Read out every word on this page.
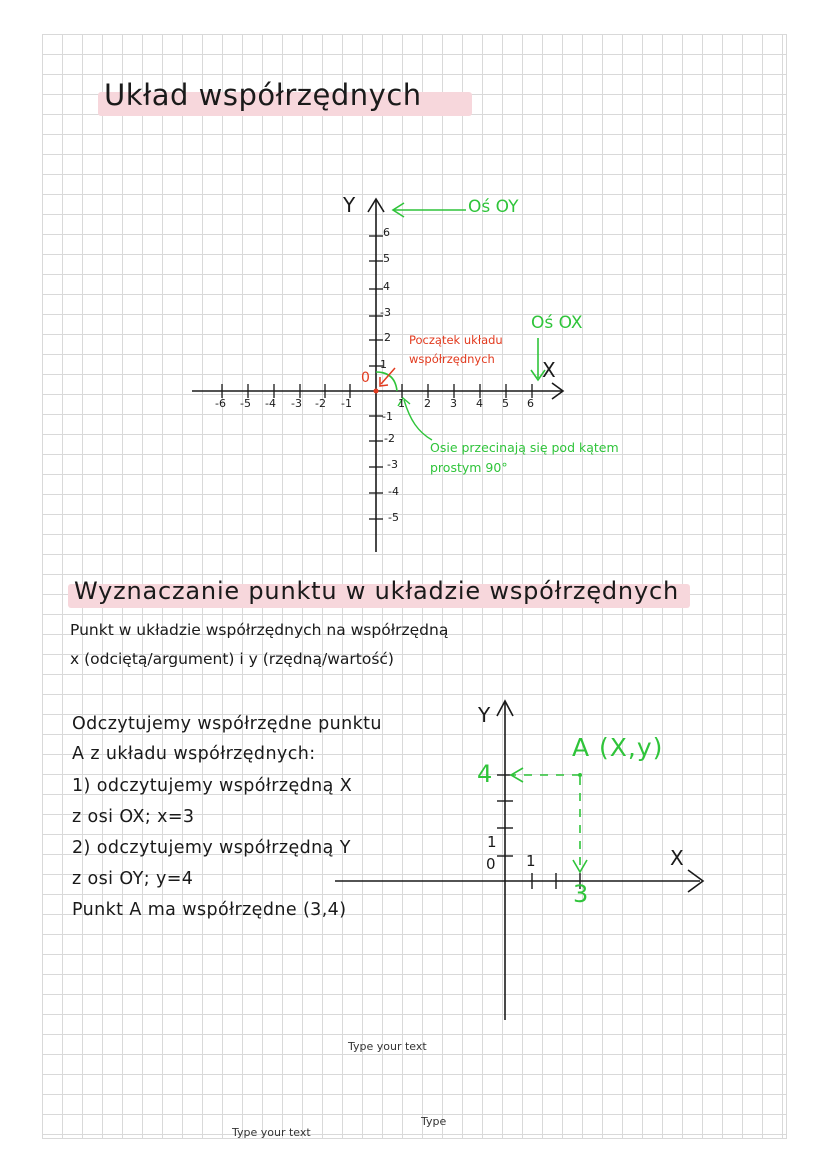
Układ współrzędnych
Y
X
Oś OY
Oś OX
0
Początek układu
współrzędnych
Osie przecinają się pod kątem
prostym 90°
-6 -5 -4 -3 -2 -1	1 2 3 4 5 6
6
5
4
-3
2
1
-1
-2
-3
-4
-5
Wyznaczanie punktu w układzie współrzędnych
Punkt w układzie współrzędnych na współrzędną
x (odciętą/argument) i y (rzędną/wartość)
Odczytujemy współrzędne punktu
A z układu współrzędnych:
1) odczytujemy współrzędną X
z osi OX; x=3
2) odczytujemy współrzędną Y
z osi OY; y=4
Punkt A ma współrzędne (3,4)
Y
X
0
1
1
A (X,y)
4
3
Type your text
Type your text
Type
